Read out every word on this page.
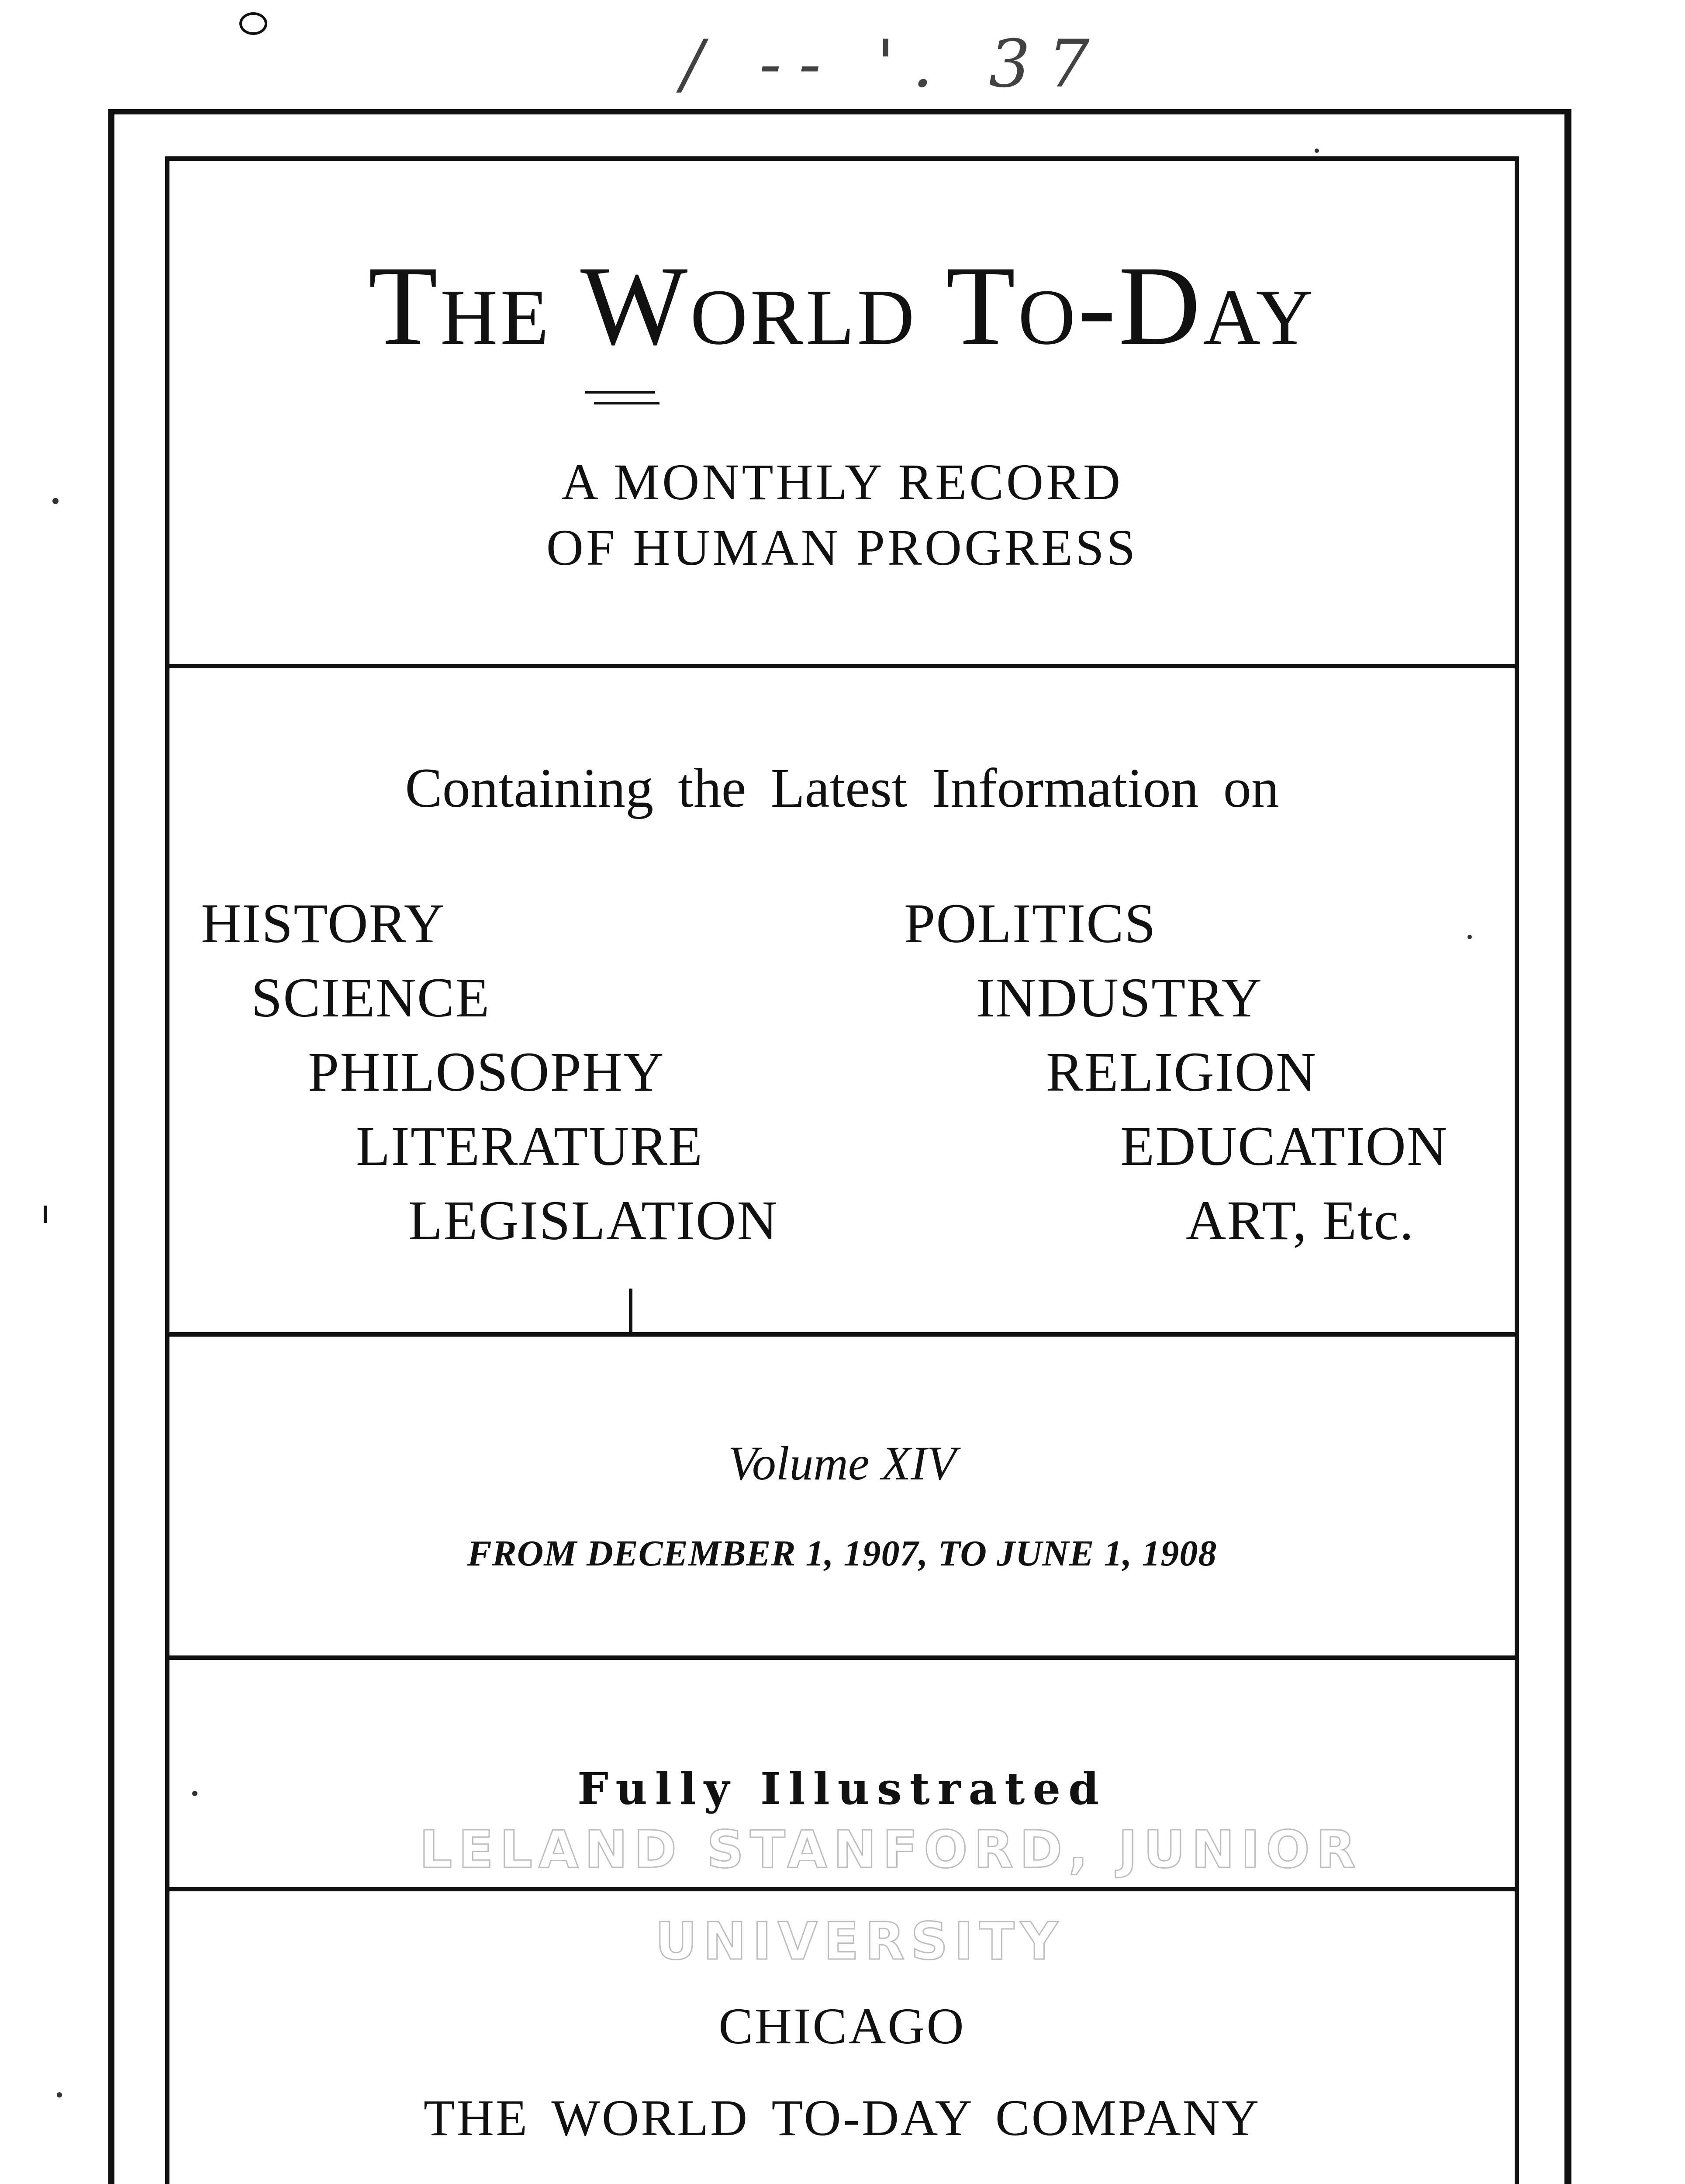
/ -- '. 37
The World To-Day
A MONTHLY RECORD
OF HUMAN PROGRESS
Containing the Latest Information on
HISTORY
SCIENCE
PHILOSOPHY
LITERATURE
LEGISLATION
POLITICS
INDUSTRY
RELIGION
EDUCATION
ART, Etc.
Volume XIV
FROM DECEMBER 1, 1907, TO JUNE 1, 1908
Fully Illustrated
LELAND STANFORD, JUNIOR
UNIVERSITY
CHICAGO
THE WORLD TO-DAY COMPANY
